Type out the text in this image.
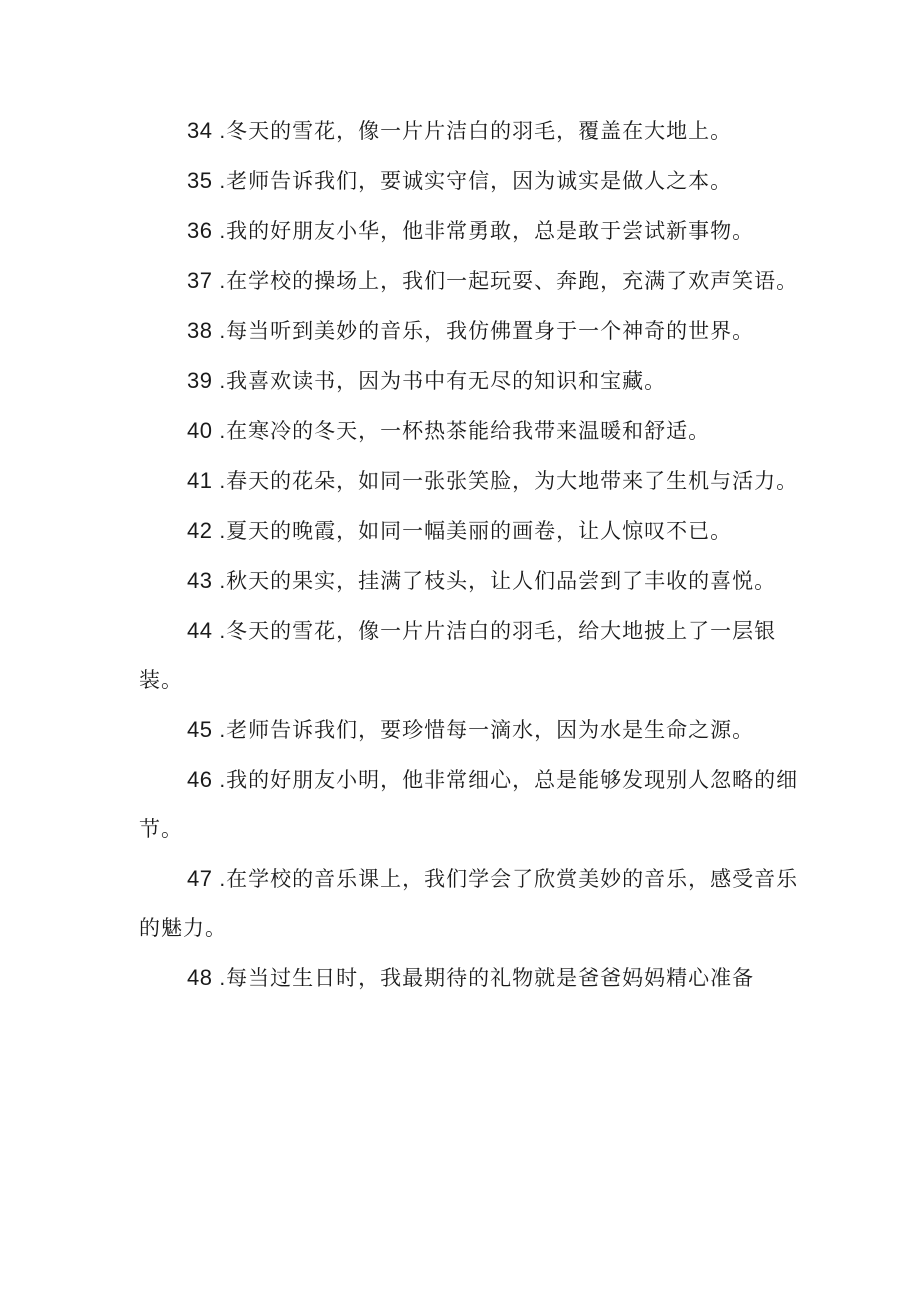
34 .冬天的雪花，像一片片洁白的羽毛，覆盖在大地上。

35 .老师告诉我们，要诚实守信，因为诚实是做人之本。

36 .我的好朋友小华，他非常勇敢，总是敢于尝试新事物。

37 .在学校的操场上，我们一起玩耍、奔跑，充满了欢声笑语。

38 .每当听到美妙的音乐，我仿佛置身于一个神奇的世界。

39 .我喜欢读书，因为书中有无尽的知识和宝藏。

40 .在寒冷的冬天，一杯热茶能给我带来温暖和舒适。

41 .春天的花朵，如同一张张笑脸，为大地带来了生机与活力。

42 .夏天的晚霞，如同一幅美丽的画卷，让人惊叹不已。

43 .秋天的果实，挂满了枝头，让人们品尝到了丰收的喜悦。

44 .冬天的雪花，像一片片洁白的羽毛，给大地披上了一层银装。

45 .老师告诉我们，要珍惜每一滴水，因为水是生命之源。

46 .我的好朋友小明，他非常细心，总是能够发现别人忽略的细节。

47 .在学校的音乐课上，我们学会了欣赏美妙的音乐，感受音乐的魅力。

48 .每当过生日时，我最期待的礼物就是爸爸妈妈精心准备
